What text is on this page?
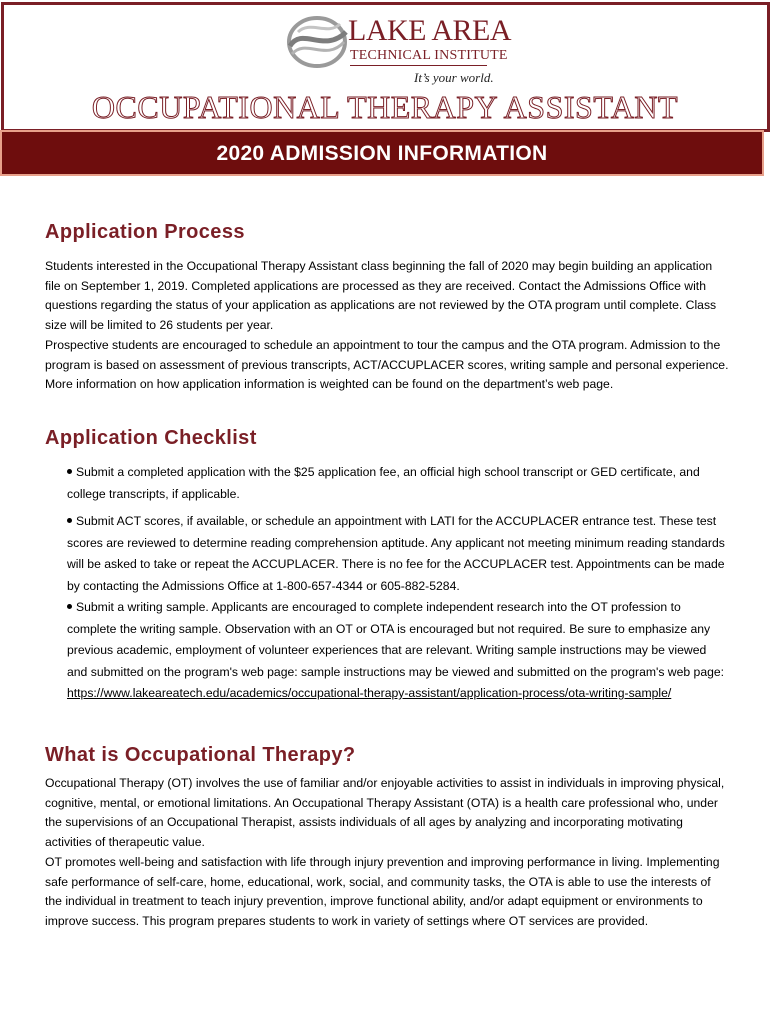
LAKE AREA
TECHNICAL INSTITUTE
It’s your world.
OCCUPATIONAL THERAPY ASSISTANT
2020 ADMISSION INFORMATION
Application Process

Students interested in the Occupational Therapy Assistant class beginning the fall of 2020 may begin building an application file on September 1, 2019. Completed applications are processed as they are received. Contact the Admissions Office with questions regarding the status of your application as applications are not reviewed by the OTA program until complete. Class size will be limited to 26 students per year.

Prospective students are encouraged to schedule an appointment to tour the campus and the OTA program. Admission to the program is based on assessment of previous transcripts, ACT/ACCUPLACER scores, writing sample and personal experience. More information on how application information is weighted can be found on the department’s web page.

Application Checklist

Submit a completed application with the $25 application fee, an official high school transcript or GED certificate, and college transcripts, if applicable.

Submit ACT scores, if available, or schedule an appointment with LATI for the ACCUPLACER entrance test. These test scores are reviewed to determine reading comprehension aptitude. Any applicant not meeting minimum reading standards will be asked to take or repeat the ACCUPLACER. There is no fee for the ACCUPLACER test. Appointments can be made by contacting the Admissions Office at 1-800-657-4344 or 605-882-5284.

Submit a writing sample. Applicants are encouraged to complete independent research into the OT profession to complete the writing sample. Observation with an OT or OTA is encouraged but not required. Be sure to emphasize any previous academic, employment of volunteer experiences that are relevant. Writing sample instructions may be viewed and submitted on the program's web page: sample instructions may be viewed and submitted on the program's web page: https://www.lakeareatech.edu/academics/occupational-therapy-assistant/application-process/ota-writing-sample/

What is Occupational Therapy?

Occupational Therapy (OT) involves the use of familiar and/or enjoyable activities to assist in individuals in improving physical, cognitive, mental, or emotional limitations. An Occupational Therapy Assistant (OTA) is a health care professional who, under the supervisions of an Occupational Therapist, assists individuals of all ages by analyzing and incorporating motivating activities of therapeutic value.

OT promotes well-being and satisfaction with life through injury prevention and improving performance in living. Implementing safe performance of self-care, home, educational, work, social, and community tasks, the OTA is able to use the interests of the individual in treatment to teach injury prevention, improve functional ability, and/or adapt equipment or environments to improve success. This program prepares students to work in variety of settings where OT services are provided.
